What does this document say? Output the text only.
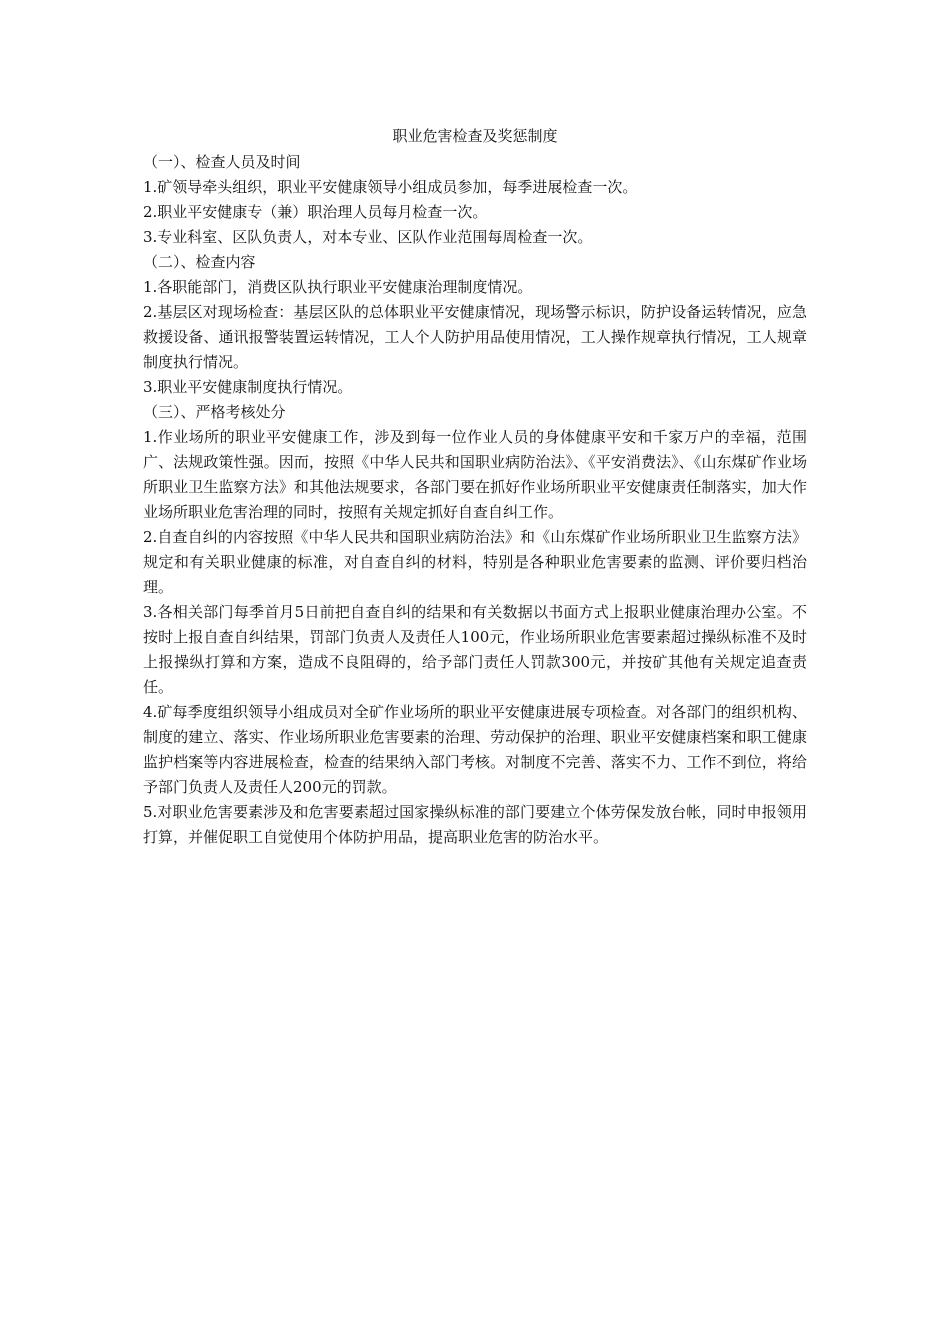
职业危害检查及奖惩制度

（一）、检查人员及时间

1.矿领导牵头组织，职业平安健康领导小组成员参加，每季进展检查一次。

2.职业平安健康专（兼）职治理人员每月检查一次。

3.专业科室、区队负责人，对本专业、区队作业范围每周检查一次。

（二）、检查内容

1.各职能部门，消费区队执行职业平安健康治理制度情况。

2.基层区对现场检查：基层区队的总体职业平安健康情况，现场警示标识，防护设备运转情况，应急救援设备、通讯报警装置运转情况，工人个人防护用品使用情况，工人操作规章执行情况，工人规章制度执行情况。

3.职业平安健康制度执行情况。

（三）、严格考核处分

1.作业场所的职业平安健康工作，涉及到每一位作业人员的身体健康平安和千家万户的幸福，范围广、法规政策性强。因而，按照《中华人民共和国职业病防治法》、《平安消费法》、《山东煤矿作业场所职业卫生监察方法》和其他法规要求，各部门要在抓好作业场所职业平安健康责任制落实，加大作业场所职业危害治理的同时，按照有关规定抓好自查自纠工作。

2.自查自纠的内容按照《中华人民共和国职业病防治法》和《山东煤矿作业场所职业卫生监察方法》规定和有关职业健康的标准，对自查自纠的材料，特别是各种职业危害要素的监测、评价要归档治理。

3.各相关部门每季首月5日前把自查自纠的结果和有关数据以书面方式上报职业健康治理办公室。不按时上报自查自纠结果，罚部门负责人及责任人100元，作业场所职业危害要素超过操纵标准不及时上报操纵打算和方案，造成不良阻碍的，给予部门责任人罚款300元，并按矿其他有关规定追查责任。

4.矿每季度组织领导小组成员对全矿作业场所的职业平安健康进展专项检查。对各部门的组织机构、制度的建立、落实、作业场所职业危害要素的治理、劳动保护的治理、职业平安健康档案和职工健康监护档案等内容进展检查，检查的结果纳入部门考核。对制度不完善、落实不力、工作不到位，将给予部门负责人及责任人200元的罚款。

5.对职业危害要素涉及和危害要素超过国家操纵标准的部门要建立个体劳保发放台帐，同时申报领用打算，并催促职工自觉使用个体防护用品，提高职业危害的防治水平。
